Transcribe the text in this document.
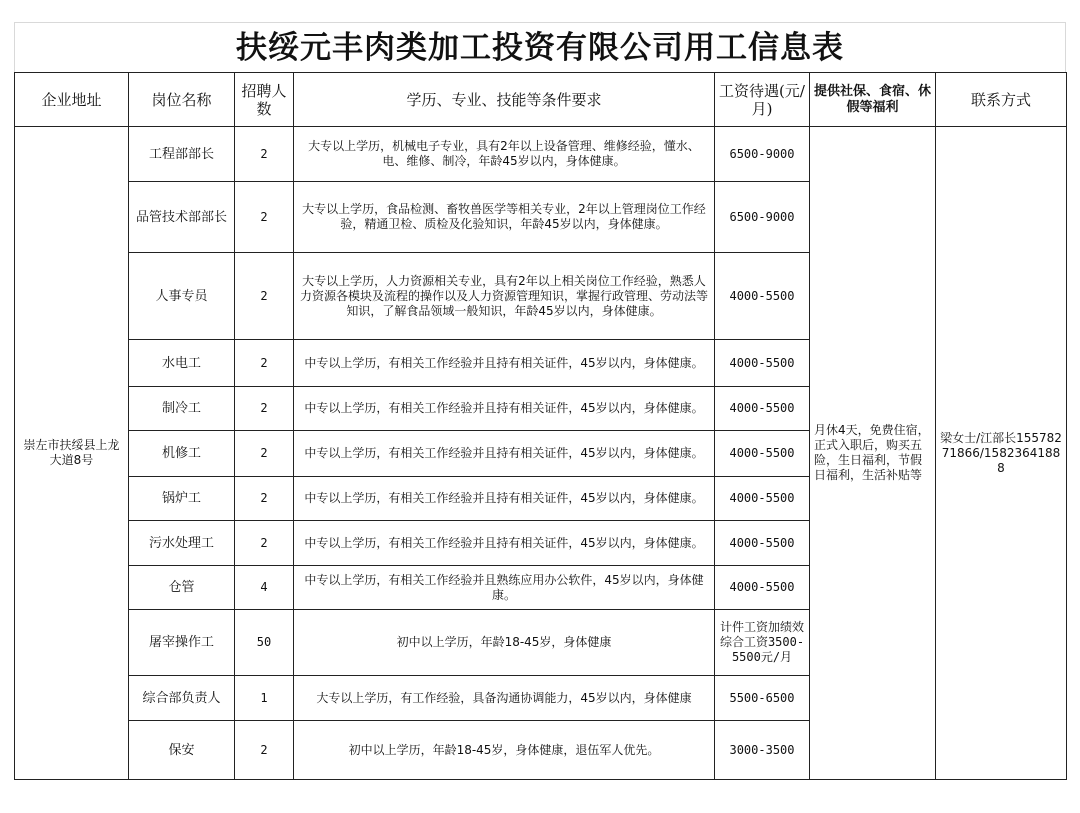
扶绥元丰肉类加工投资有限公司用工信息表
企业地址	岗位名称	招聘人数	学历、专业、技能等条件要求	工资待遇(元/月)	提供社保、食宿、休假等福利	联系方式
崇左市扶绥县上龙大道8号	工程部部长	2	大专以上学历，机械电子专业，具有2年以上设备管理、维修经验，懂水、电、维修、制冷，年龄45岁以内，身体健康。	6500-9000	月休4天，免费住宿，正式入职后，购买五险，生日福利，节假日福利，生活补贴等	梁女士/江部长15578271866/15823641888
	品管技术部部长	2	大专以上学历，食品检测、畜牧兽医学等相关专业，2年以上管理岗位工作经验，精通卫检、质检及化验知识，年龄45岁以内，身体健康。	6500-9000		
	人事专员	2	大专以上学历，人力资源相关专业，具有2年以上相关岗位工作经验，熟悉人力资源各模块及流程的操作以及人力资源管理知识，掌握行政管理、劳动法等知识，了解食品领域一般知识，年龄45岁以内，身体健康。	4000-5500		
	水电工	2	中专以上学历，有相关工作经验并且持有相关证件，45岁以内，身体健康。	4000-5500		
	制冷工	2	中专以上学历，有相关工作经验并且持有相关证件，45岁以内，身体健康。	4000-5500		
	机修工	2	中专以上学历，有相关工作经验并且持有相关证件，45岁以内，身体健康。	4000-5500		
	锅炉工	2	中专以上学历，有相关工作经验并且持有相关证件，45岁以内，身体健康。	4000-5500		
	污水处理工	2	中专以上学历，有相关工作经验并且持有相关证件，45岁以内，身体健康。	4000-5500		
	仓管	4	中专以上学历，有相关工作经验并且熟练应用办公软件，45岁以内，身体健康。	4000-5500		
	屠宰操作工	50	初中以上学历，年龄18-45岁，身体健康	计件工资加绩效综合工资3500-5500元/月		
	综合部负责人	1	大专以上学历，有工作经验，具备沟通协调能力，45岁以内，身体健康	5500-6500		
	保安	2	初中以上学历，年龄18-45岁，身体健康，退伍军人优先。	3000-3500		
